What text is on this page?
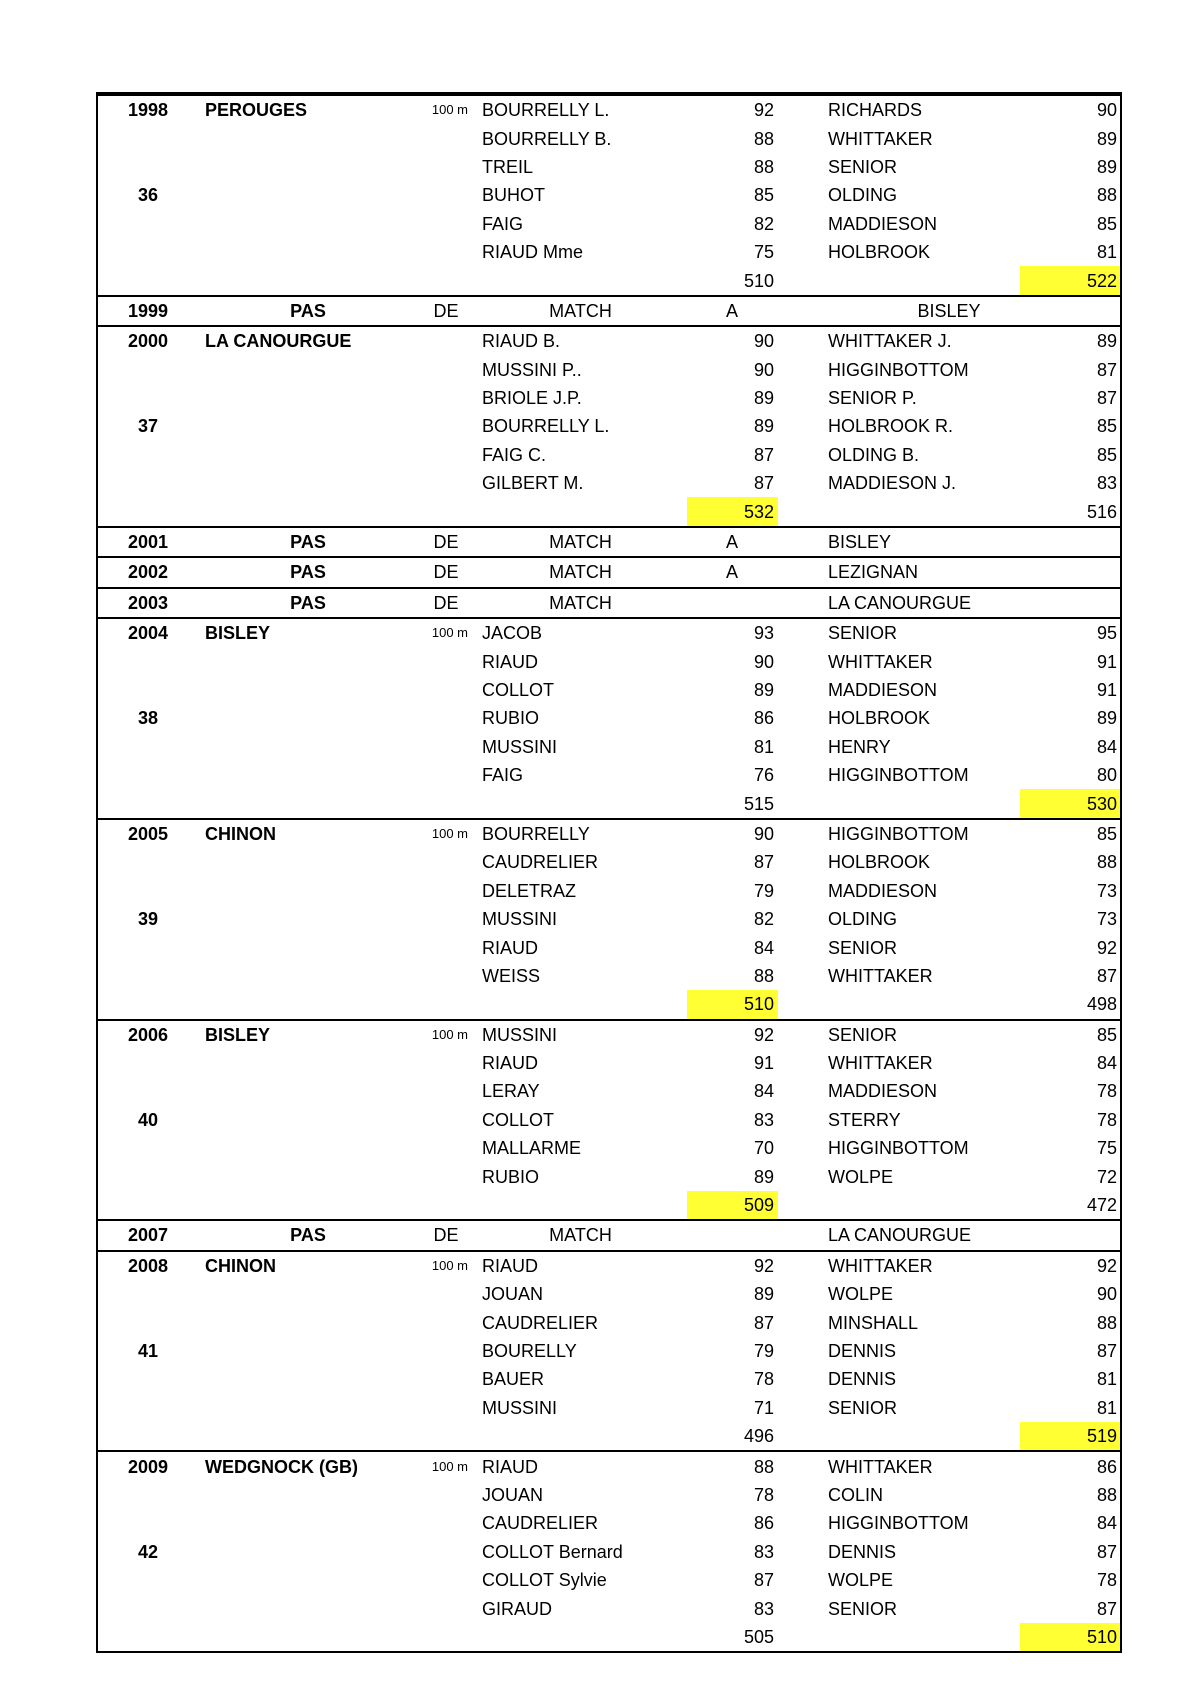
1998	PEROUGES	100 m	BOURRELLY L.	92	RICHARDS	90
			BOURRELLY B.	88	WHITTAKER	89
			TREIL	88	SENIOR	89
36			BUHOT	85	OLDING	88
			FAIG	82	MADDIESON	85
			RIAUD Mme	75	HOLBROOK	81
				510		522
1999	PAS	DE	MATCH	A	BISLEY	
2000	LA CANOURGUE		RIAUD B.	90	WHITTAKER J.	89
			MUSSINI P..	90	HIGGINBOTTOM	87
			BRIOLE J.P.	89	SENIOR P.	87
37			BOURRELLY L.	89	HOLBROOK R.	85
			FAIG C.	87	OLDING B.	85
			GILBERT M.	87	MADDIESON J.	83
				532		516
2001	PAS	DE	MATCH	A	BISLEY	
2002	PAS	DE	MATCH	A	LEZIGNAN	
2003	PAS	DE	MATCH		LA CANOURGUE	
2004	BISLEY	100 m	JACOB	93	SENIOR	95
			RIAUD	90	WHITTAKER	91
			COLLOT	89	MADDIESON	91
38			RUBIO	86	HOLBROOK	89
			MUSSINI	81	HENRY	84
			FAIG	76	HIGGINBOTTOM	80
				515		530
2005	CHINON	100 m	BOURRELLY	90	HIGGINBOTTOM	85
			CAUDRELIER	87	HOLBROOK	88
			DELETRAZ	79	MADDIESON	73
39			MUSSINI	82	OLDING	73
			RIAUD	84	SENIOR	92
			WEISS	88	WHITTAKER	87
				510		498
2006	BISLEY	100 m	MUSSINI	92	SENIOR	85
			RIAUD	91	WHITTAKER	84
			LERAY	84	MADDIESON	78
40			COLLOT	83	STERRY	78
			MALLARME	70	HIGGINBOTTOM	75
			RUBIO	89	WOLPE	72
				509		472
2007	PAS	DE	MATCH		LA CANOURGUE	
2008	CHINON	100 m	RIAUD	92	WHITTAKER	92
			JOUAN	89	WOLPE	90
			CAUDRELIER	87	MINSHALL	88
41			BOURELLY	79	DENNIS	87
			BAUER	78	DENNIS	81
			MUSSINI	71	SENIOR	81
				496		519
2009	WEDGNOCK (GB)	100 m	RIAUD	88	WHITTAKER	86
			JOUAN	78	COLIN	88
			CAUDRELIER	86	HIGGINBOTTOM	84
42			COLLOT Bernard	83	DENNIS	87
			COLLOT Sylvie	87	WOLPE	78
			GIRAUD	83	SENIOR	87
				505		510
